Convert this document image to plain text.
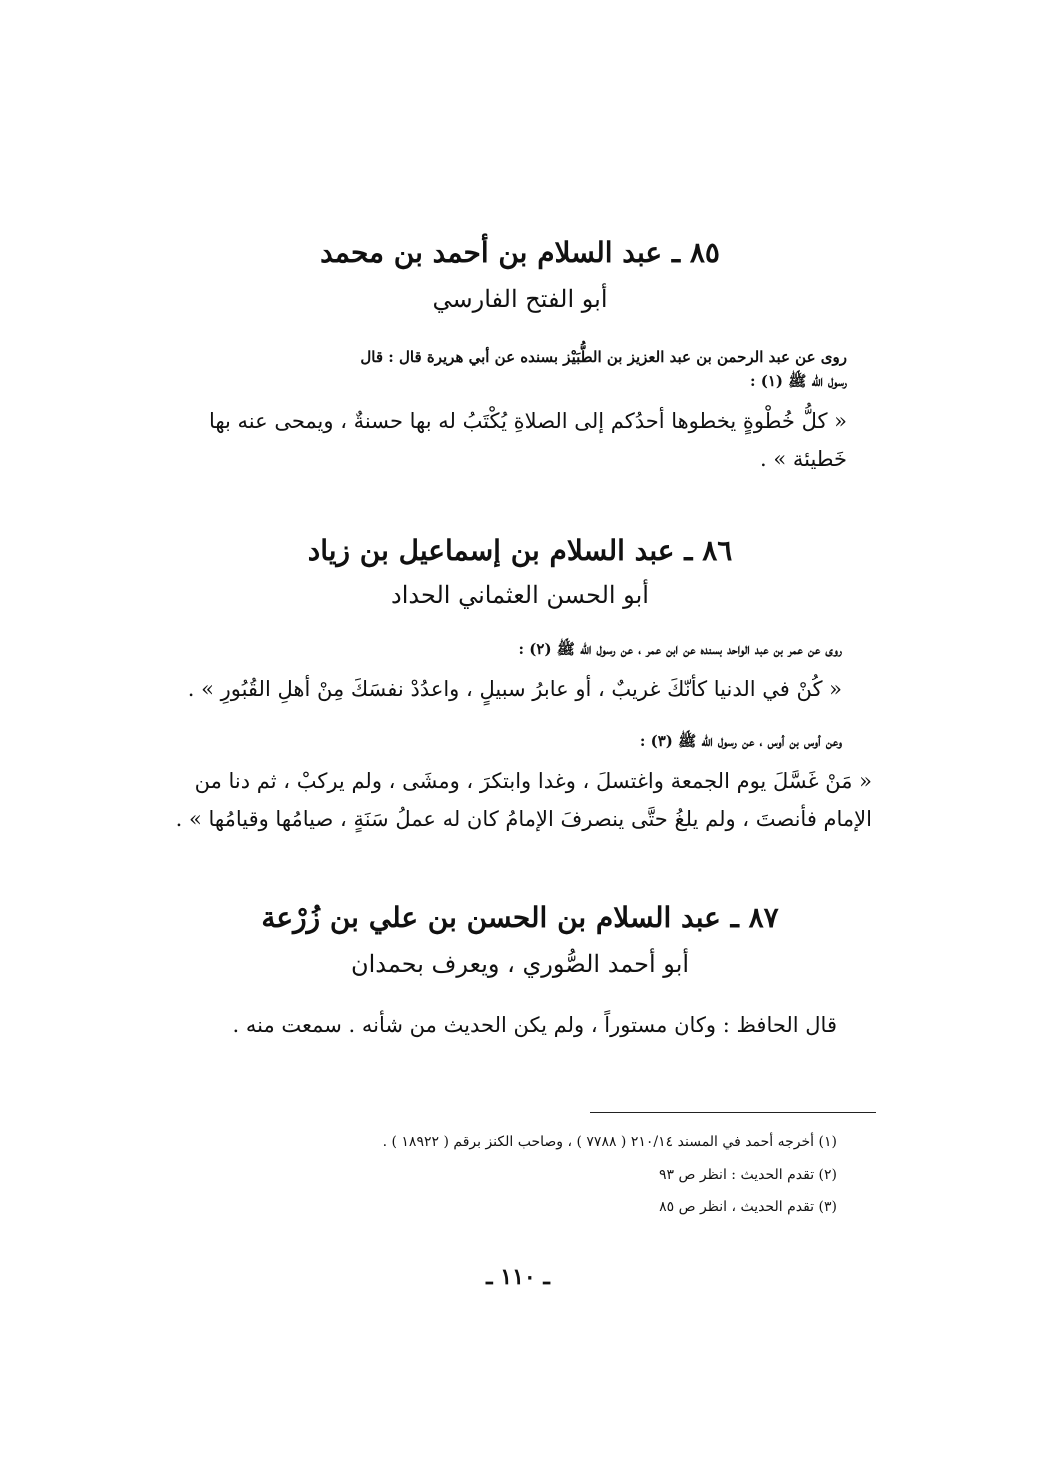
٨٥ ـ عبد السلام بن أحمد بن محمد
أبو الفتح الفارسي
روى عن عبد الرحمن بن عبد العزيز بن الطُّبَيْز بسنده عن أبي هريرة قال : قال
رسول الله ﷺ (١) :
« كلُّ خُطْوةٍ يخطوها أحدُكم إلى الصلاةِ يُكْتَبُ له بها حسنةٌ ، ويمحى عنه بها
خَطيئة » .
٨٦ ـ عبد السلام بن إسماعيل بن زياد
أبو الحسن العثماني الحداد
روى عن عمر بن عبد الواحد بسنده عن ابن عمر ، عن رسول الله ﷺ (٢) :
« كُنْ في الدنيا كأنّكَ غريبٌ ، أو عابرُ سبيلٍ ، واعدُدْ نفسَكَ مِنْ أهلِ القُبُورِ » .
وعن أوس بن أوس ، عن رسول الله ﷺ (٣) :
« مَنْ غَسَّلَ يوم الجمعة واغتسلَ ، وغدا وابتكرَ ، ومشَى ، ولم يركبْ ، ثم دنا من
الإمام فأنصتَ ، ولم يلغُ حتَّى ينصرفَ الإمامُ كان له عملُ سَنَةٍ ، صيامُها وقيامُها » .
٨٧ ـ عبد السلام بن الحسن بن علي بن زُرْعة
أبو أحمد الصُّوري ، ويعرف بحمدان
قال الحافظ : وكان مستوراً ، ولم يكن الحديث من شأنه . سمعت منه .
(١) أخرجه أحمد في المسند ٢١٠/١٤ ( ٧٧٨٨ ) ، وصاحب الكنز برقم ( ١٨٩٢٢ ) .
(٢) تقدم الحديث : انظر ص ٩٣
(٣) تقدم الحديث ، انظر ص ٨٥
ـ ١١٠ ـ
